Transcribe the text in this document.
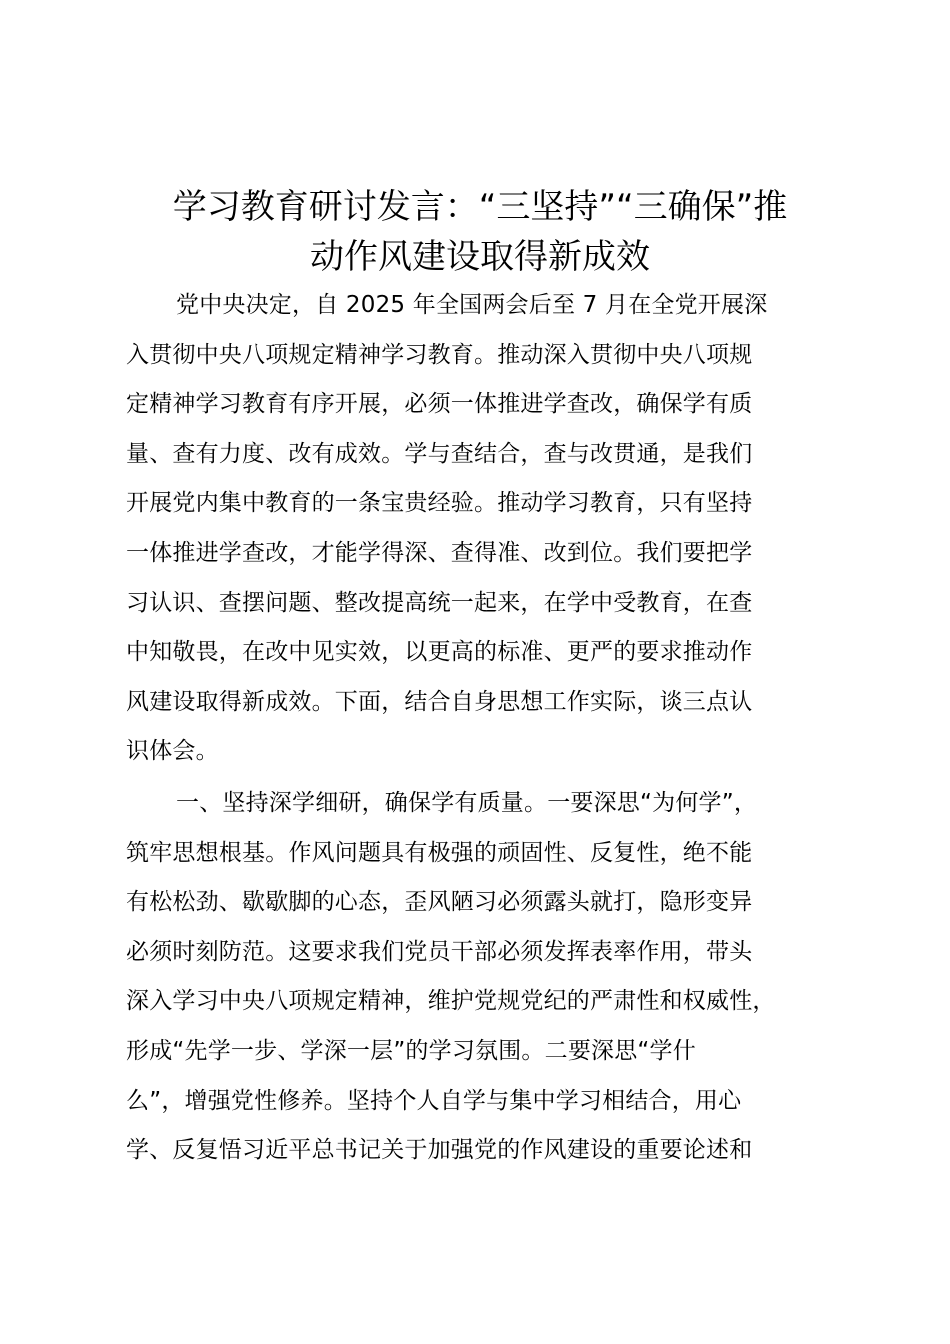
学习教育研讨发言：“三坚持”“三确保”推
动作风建设取得新成效

党中央决定，自 2025 年全国两会后至 7 月在全党开展深
入贯彻中央八项规定精神学习教育。推动深入贯彻中央八项规
定精神学习教育有序开展，必须一体推进学查改，确保学有质
量、查有力度、改有成效。学与查结合，查与改贯通，是我们
开展党内集中教育的一条宝贵经验。推动学习教育，只有坚持
一体推进学查改，才能学得深、查得准、改到位。我们要把学
习认识、查摆问题、整改提高统一起来，在学中受教育，在查
中知敬畏，在改中见实效，以更高的标准、更严的要求推动作
风建设取得新成效。下面，结合自身思想工作实际，谈三点认
识体会。

一、坚持深学细研，确保学有质量。一要深思“为何学”，
筑牢思想根基。作风问题具有极强的顽固性、反复性，绝不能
有松松劲、歇歇脚的心态，歪风陋习必须露头就打，隐形变异
必须时刻防范。这要求我们党员干部必须发挥表率作用，带头
深入学习中央八项规定精神，维护党规党纪的严肃性和权威性，
形成“先学一步、学深一层”的学习氛围。二要深思“学什
么”，增强党性修养。坚持个人自学与集中学习相结合，用心
学、反复悟习近平总书记关于加强党的作风建设的重要论述和
